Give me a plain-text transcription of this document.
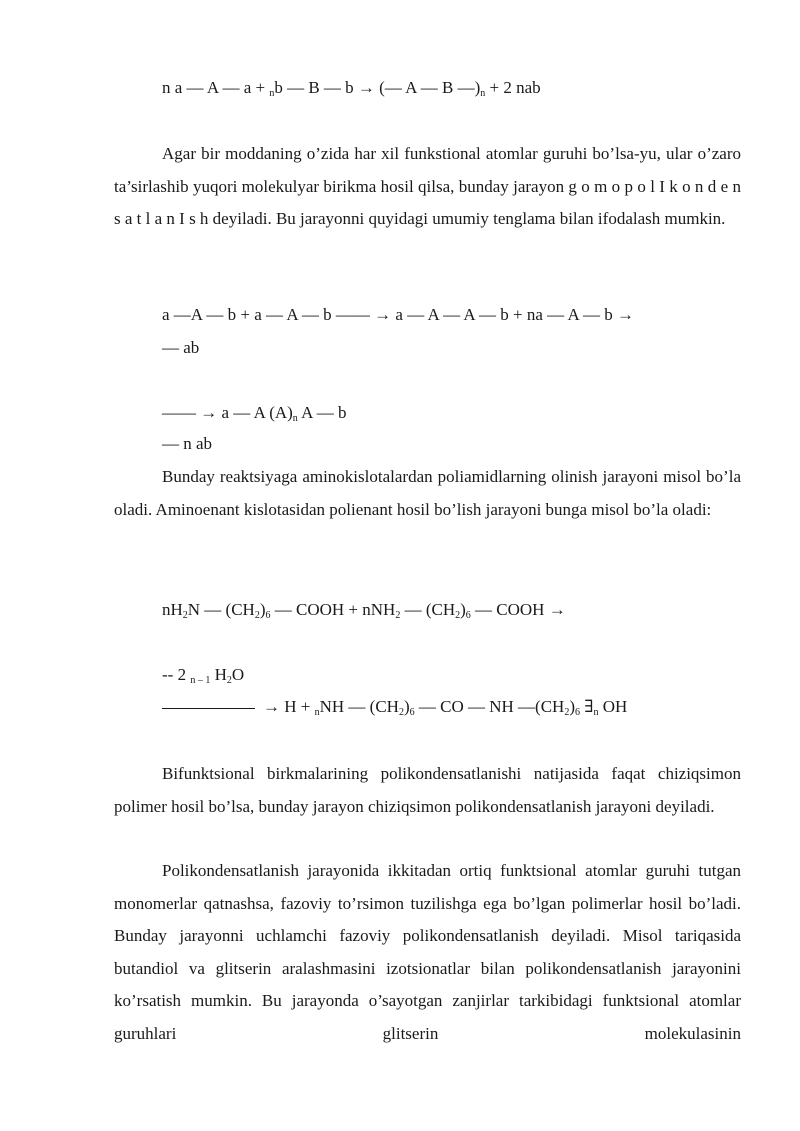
n a — A — a + $_n$b — B — b → (— A — B $—)_n + 2$ nab
Agar bir moddaning o’zida har xil funkstional atomlar guruhi bo’lsa-yu, ular o’zaro ta’sirlashib yuqori molekulyar birikma hosil qilsa, bunday jarayon g o m o p o l I k o n d e n s a t l a n I s h deyiladi. Bu jarayonni quyidagi umumiy tenglama bilan ifodalash mumkin.
a —A — b + a — A — b —— → a — A — A — b + na — A — b →
— ab
—— → a — A $(A)_n$ A — b
— n ab
Bunday reaktsiyaga aminokislotalardan poliamidlarning olinish jarayoni misol bo’la oladi. Aminoenant kislotasidan polienant hosil bo’lish jarayoni bunga misol bo’la oladi:
$nH_2N$ — $(CH_2)_6$ — COOH + nNH$_2$ — $(CH_2)_6$ — COOH →
-- 2 $_{n - 1}$ $H_2O$
→ H + $_n$NH — $(CH_2)_6$ — CO — NH $—(CH_2)_6$ $\exists_n$ OH
Bifunktsional birkmalarining polikondensatlanishi natijasida faqat chiziqsimon polimer hosil bo’lsa, bunday jarayon chiziqsimon polikondensatlanish jarayoni deyiladi.
Polikondensatlanish jarayonida ikkitadan ortiq funktsional atomlar guruhi tutgan monomerlar qatnashsa, fazoviy to’rsimon tuzilishga ega bo’lgan polimerlar hosil bo’ladi. Bunday jarayonni uchlamchi fazoviy polikondensatlanish deyiladi. Misol tariqasida butandiol va glitserin aralashmasini izotsionatlar bilan polikondensatlanish jarayonini ko’rsatish mumkin. Bu jarayonda o’sayotgan zanjirlar tarkibidagi funktsional atomlar guruhlari glitserin molekulasinin
